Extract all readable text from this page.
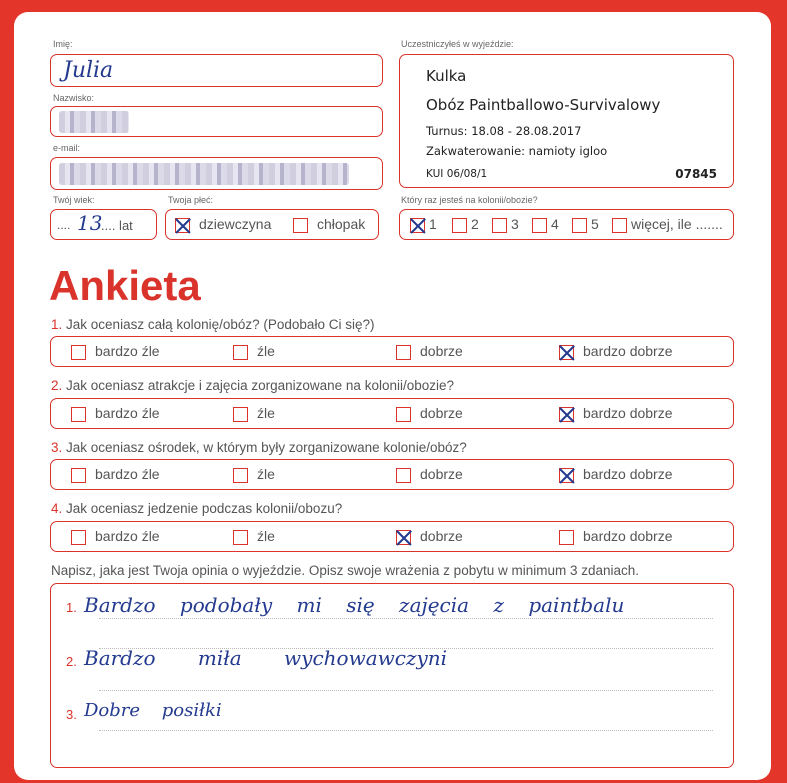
Imię:
Julia
Nazwisko:
e-mail:
Twój wiek:
.... 13
.... lat
Twoja płeć:
dziewczyna	chłopak
Uczestniczyłeś w wyjeździe:
Kulka
Obóz Paintballowo-Survivalowy
Turnus: 18.08 - 28.08.2017
Zakwaterowanie: namioty igloo
KUI 06/08/1	07845
Który raz jesteś na kolonii/obozie?
1	2	3	4	5	więcej, ile .......
Ankieta
1. Jak oceniasz całą kolonię/obóz? (Podobało Ci się?)
bardzo źle	źle	dobrze	bardzo dobrze
2. Jak oceniasz atrakcje i zajęcia zorganizowane na kolonii/obozie?
bardzo źle	źle	dobrze	bardzo dobrze
3. Jak oceniasz ośrodek, w którym były zorganizowane kolonie/obóz?
bardzo źle	źle	dobrze	bardzo dobrze
4. Jak oceniasz jedzenie podczas kolonii/obozu?
bardzo źle	źle	dobrze	bardzo dobrze
Napisz, jaka jest Twoja opinia o wyjeździe. Opisz swoje wrażenia z pobytu w minimum 3 zdaniach.
1. Bardzo podobały mi się zajęcia z paintbalu
2. Bardzo miła wychowawczyni
3. Dobre posiłki
